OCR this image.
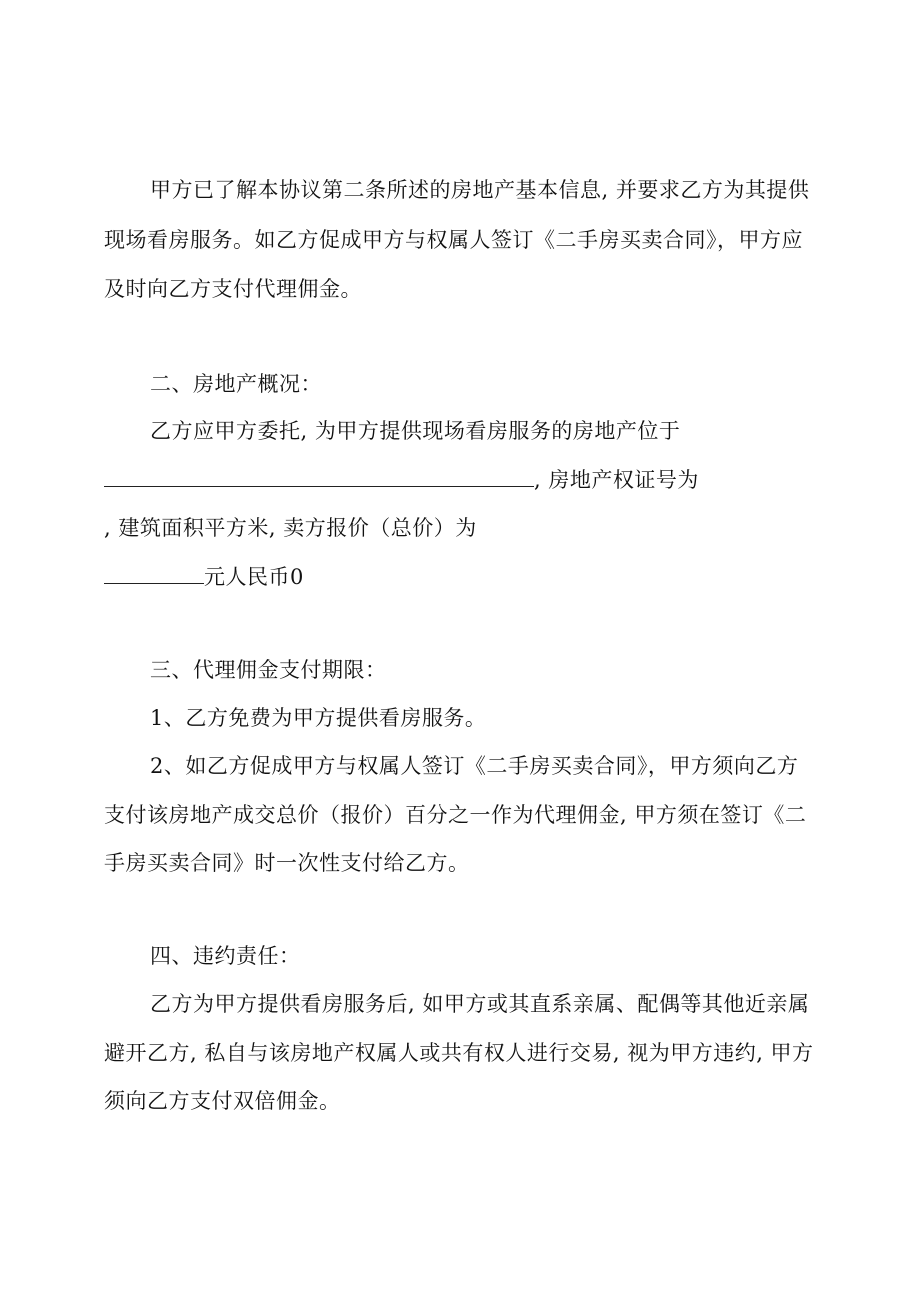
甲方已了解本协议第二条所述的房地产基本信息, 并要求乙方为其提供
现场看房服务。如乙方促成甲方与权属人签订《二手房买卖合同》，甲方应
及时向乙方支付代理佣金。
二、房地产概况：
乙方应甲方委托, 为甲方提供现场看房服务的房地产位于
, 房地产权证号为
, 建筑面积平方米, 卖方报价（总价）为
元人民币0
三、代理佣金支付期限：
1、乙方免费为甲方提供看房服务。
2、如乙方促成甲方与权属人签订《二手房买卖合同》，甲方须向乙方
支付该房地产成交总价（报价）百分之一作为代理佣金, 甲方须在签订《二
手房买卖合同》时一次性支付给乙方。
四、违约责任：
乙方为甲方提供看房服务后, 如甲方或其直系亲属、配偶等其他近亲属
避开乙方, 私自与该房地产权属人或共有权人进行交易, 视为甲方违约, 甲方
须向乙方支付双倍佣金。
